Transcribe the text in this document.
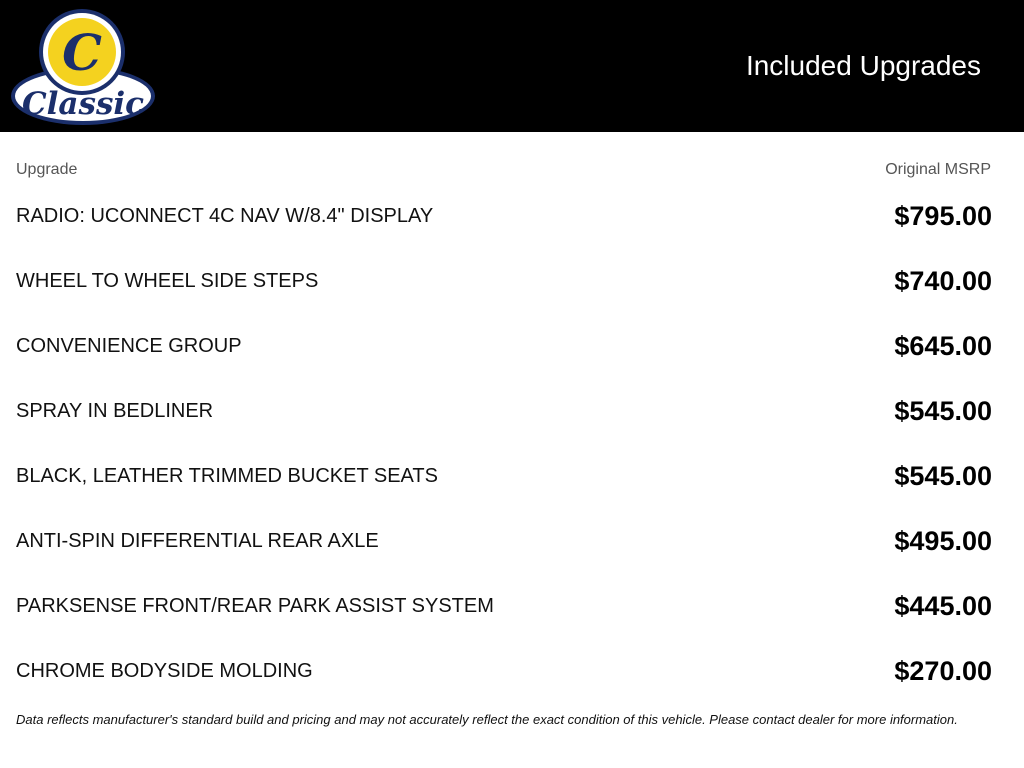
C
Classic
Included Upgrades
Upgrade	Original MSRP
RADIO: UCONNECT 4C NAV W/8.4" DISPLAY	$795.00
WHEEL TO WHEEL SIDE STEPS	$740.00
CONVENIENCE GROUP	$645.00
SPRAY IN BEDLINER	$545.00
BLACK, LEATHER TRIMMED BUCKET SEATS	$545.00
ANTI-SPIN DIFFERENTIAL REAR AXLE	$495.00
PARKSENSE FRONT/REAR PARK ASSIST SYSTEM	$445.00
CHROME BODYSIDE MOLDING	$270.00
Data reflects manufacturer's standard build and pricing and may not accurately reflect the exact condition of this vehicle. Please contact dealer for more information.
